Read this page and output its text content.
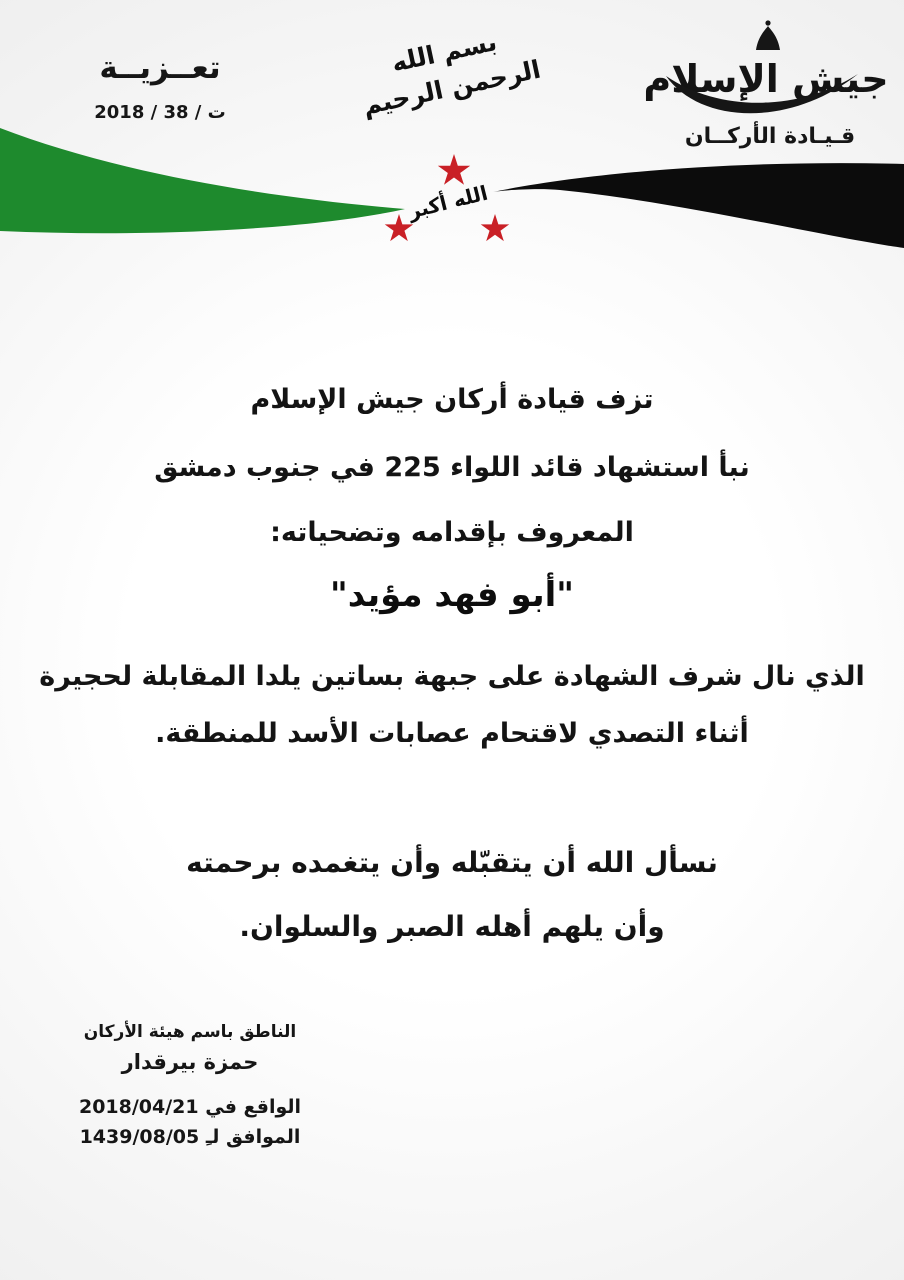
الله أكبر
تعــزيــة
ت / 38 / 2018
بسم الله الرحمن الرحيم	جيش الإسلام
ء
قـيـادة الأركــان
تزف قيادة أركان جيش الإسلام
نبأ استشهاد قائد اللواء 225 في جنوب دمشق
المعروف بإقدامه وتضحياته:
"أبو فهد مؤيد"
الذي نال شرف الشهادة على جبهة بساتين يلدا المقابلة لحجيرة
أثناء التصدي لاقتحام عصابات الأسد للمنطقة.
نسأل الله أن يتقبّله وأن يتغمده برحمته
وأن يلهم أهله الصبر والسلوان.
الناطق باسم هيئة الأركان
حمزة بيرقدار
الواقع في 2018/04/21
الموافق لـِ 1439/08/05
